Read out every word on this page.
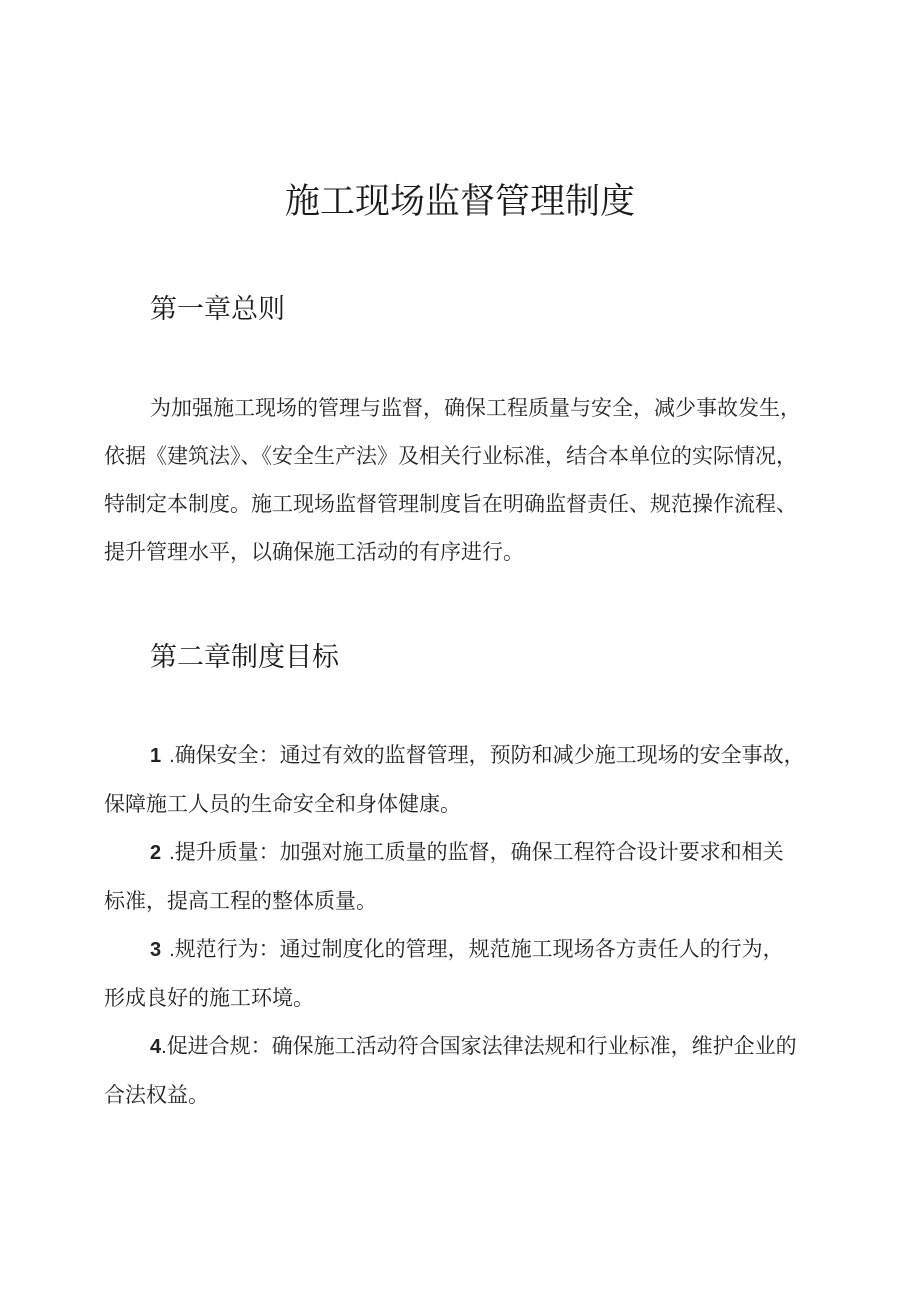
施工现场监督管理制度
第一章总则

为加强施工现场的管理与监督，确保工程质量与安全，减少事故发生，
依据《建筑法》、《安全生产法》及相关行业标准，结合本单位的实际情况，
特制定本制度。施工现场监督管理制度旨在明确监督责任、规范操作流程、
提升管理水平，以确保施工活动的有序进行。

第二章制度目标

1 .确保安全：通过有效的监督管理，预防和减少施工现场的安全事故，
保障施工人员的生命安全和身体健康。

2 .提升质量：加强对施工质量的监督，确保工程符合设计要求和相关
标准，提高工程的整体质量。

3 .规范行为：通过制度化的管理，规范施工现场各方责任人的行为，
形成良好的施工环境。

4.促进合规：确保施工活动符合国家法律法规和行业标准，维护企业的
合法权益。
